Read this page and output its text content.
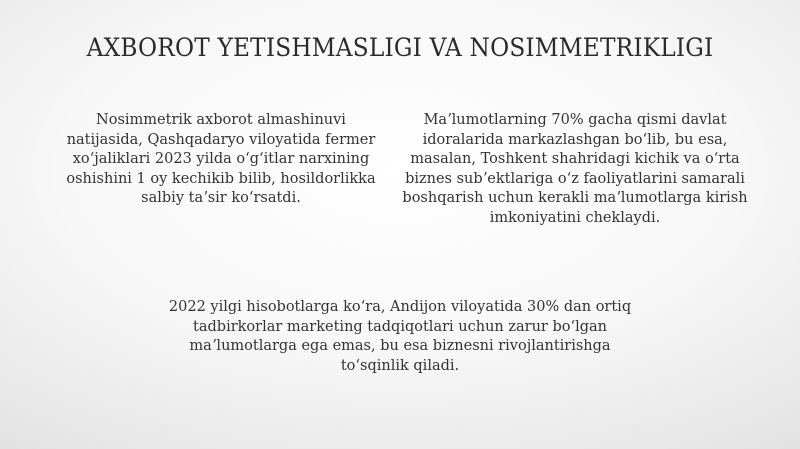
AXBOROT YETISHMASLIGI VA NOSIMMETRIKLIGI

Nosimmetrik axborot almashinuvi natijasida, Qashqadaryo viloyatida fermer xoʻjaliklari 2023 yilda oʻgʻitlar narxining oshishini 1 oy kechikib bilib, hosildorlikka salbiy taʼsir koʻrsatdi.

Maʼlumotlarning 70% gacha qismi davlat idoralarida markazlashgan boʻlib, bu esa, masalan, Toshkent shahridagi kichik va oʻrta biznes subʼektlariga oʻz faoliyatlarini samarali boshqarish uchun kerakli maʼlumotlarga kirish imkoniyatini cheklaydi.

2022 yilgi hisobotlarga koʻra, Andijon viloyatida 30% dan ortiq tadbirkorlar marketing tadqiqotlari uchun zarur boʻlgan maʼlumotlarga ega emas, bu esa biznesni rivojlantirishga toʻsqinlik qiladi.
